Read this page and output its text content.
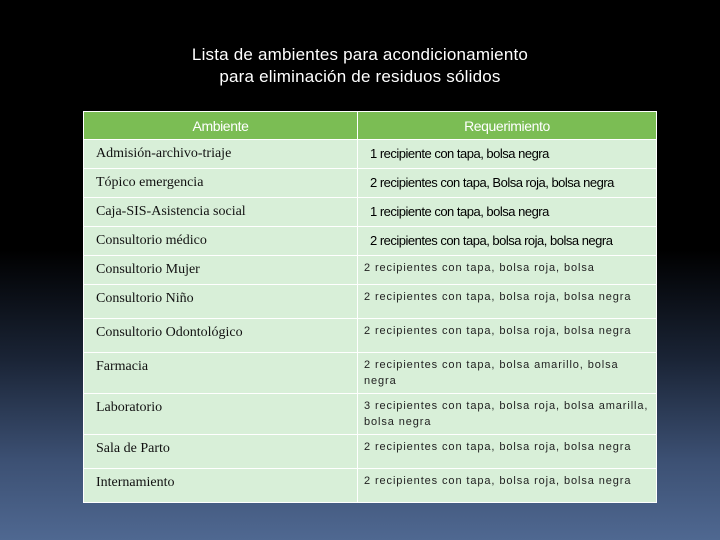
Lista de ambientes para acondicionamiento
para eliminación de residuos sólidos
Ambiente	Requerimiento
Admisión-archivo-triaje	1 recipiente con tapa, bolsa negra
Tópico emergencia	2 recipientes con tapa, Bolsa roja, bolsa negra
Caja-SIS-Asistencia social	1 recipiente con tapa, bolsa negra
Consultorio médico	2 recipientes con tapa, bolsa roja, bolsa negra
Consultorio Mujer	2 recipientes con tapa, bolsa roja, bolsa
Consultorio Niño	2 recipientes con tapa, bolsa roja, bolsa negra
Consultorio Odontológico	2 recipientes con tapa, bolsa roja, bolsa negra
Farmacia	2 recipientes con tapa, bolsa amarillo, bolsa negra
Laboratorio	3 recipientes con tapa, bolsa roja, bolsa amarilla, bolsa negra
Sala de Parto	2 recipientes con tapa, bolsa roja, bolsa negra
Internamiento	2 recipientes con tapa, bolsa roja, bolsa negra
